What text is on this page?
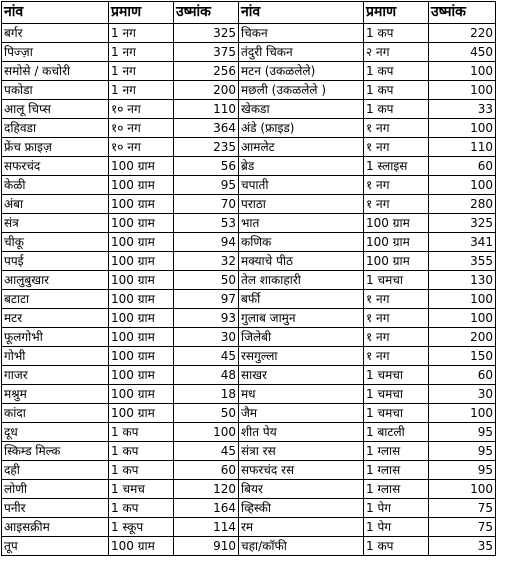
नांव	प्रमाण	उष्मांक	नांव	प्रमाण	उष्मांक
बर्गर	1 नग	325	चिकन	1 कप	220
पिज्ज़ा	1 नग	375	तंदुरी चिकन	२ नग	450
समोसे / कचोरी	1 नग	256	मटन (उकळलेले)	1 कप	100
पकोडा	1 नग	200	मछली (उकळलेले )	1 कप	100
आलू चिप्स	१० नग	110	खेकडा	1 कप	33
दहिवडा	१० नग	364	अंडे (फ्राइड)	१ नग	100
फ्रेंच फ्राइज़	१० नग	235	आमलेट	१ नग	110
सफरचंद	100 ग्राम	56	ब्रेड	1 स्लाइस	60
केळी	100 ग्राम	95	चपाती	१ नग	100
अंबा	100 ग्राम	70	पराठा	१ नग	280
संत्र	100 ग्राम	53	भात	100 ग्राम	325
चीकू	100 ग्राम	94	कणिक	100 ग्राम	341
पपई	100 ग्राम	32	मक्याचे पीठ	100 ग्राम	355
आलुबुखार	100 ग्राम	50	तेल शाकाहारी	1 चमचा	130
बटाटा	100 ग्राम	97	बर्फी	१ नग	100
मटर	100 ग्राम	93	गुलाब जामुन	१ नग	100
फूलगोभी	100 ग्राम	30	जिलेबी	१ नग	200
गोभी	100 ग्राम	45	रसगुल्ला	१ नग	150
गाजर	100 ग्राम	48	साखर	1 चमचा	60
मश्रुम	100 ग्राम	18	मध	1 चमचा	30
कांदा	100 ग्राम	50	जैम	1 चमचा	100
दूध	1 कप	100	शीत पेय	1 बाटली	95
स्किम्ड मिल्क	1 कप	45	संत्रा रस	1 ग्लास	95
दही	1 कप	60	सफरचंद रस	1 ग्लास	95
लोणी	1 चमच	120	बियर	1 ग्लास	100
पनीर	1 कप	164	व्हिस्की	1 पेग	75
आइसक्रीम	1 स्कूप	114	रम	1 पेग	75
तूप	100 ग्राम	910	चहा/कॉफी	1 कप	35
